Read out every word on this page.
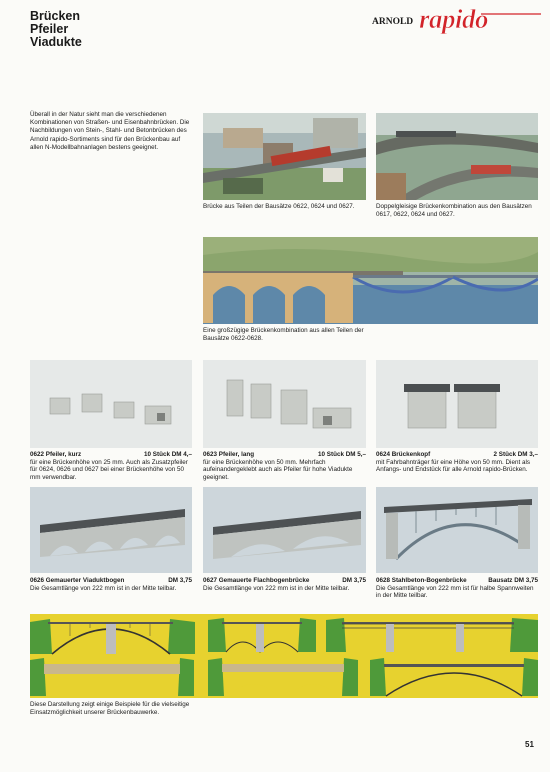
Brücken
Pfeiler
Viadukte
ARNOLD rapido
Überall in der Natur sieht man die verschiedenen Kombinationen von Straßen- und Eisenbahnbrücken. Die Nachbildungen von Stein-, Stahl- und Betonbrücken des Arnold rapido-Sortiments sind für den Brückenbau auf allen N-Modellbahnanlagen bestens geeignet.
Brücke aus Teilen der Bausätze 0622, 0624 und 0627.	Doppelgleisige Brückenkombination aus den Bausätzen 0617, 0622, 0624 und 0627.
Eine großzügige Brückenkombination aus allen Teilen der Bausätze 0622-0628.
0622 Pfeiler, kurz	10 Stück DM 4,–
für eine Brückenhöhe von 25 mm. Auch als Zusatzpfeiler für 0624, 0626 und 0627 bei einer Brückenhöhe von 50 mm verwendbar.
0623 Pfeiler, lang	10 Stück DM 5,–
für eine Brückenhöhe von 50 mm. Mehrfach aufeinandergeklebt auch als Pfeiler für hohe Viadukte geeignet.
0624 Brückenkopf	2 Stück DM 3,–
mit Fahrbahnträger für eine Höhe von 50 mm. Dient als Anfangs- und Endstück für alle Arnold rapido-Brücken.
0626 Gemauerter Viaduktbogen	DM 3,75
Die Gesamtlänge von 222 mm ist in der Mitte teilbar.
0627 Gemauerte Flachbogenbrücke	DM 3,75
Die Gesamtlänge von 222 mm ist in der Mitte teilbar.
0628 Stahlbeton-Bogenbrücke	Bausatz DM 3,75
Die Gesamtlänge von 222 mm ist für halbe Spannweiten in der Mitte teilbar.
Diese Darstellung zeigt einige Beispiele für die vielseitige Einsatzmöglichkeit unserer Brückenbauwerke.
51
